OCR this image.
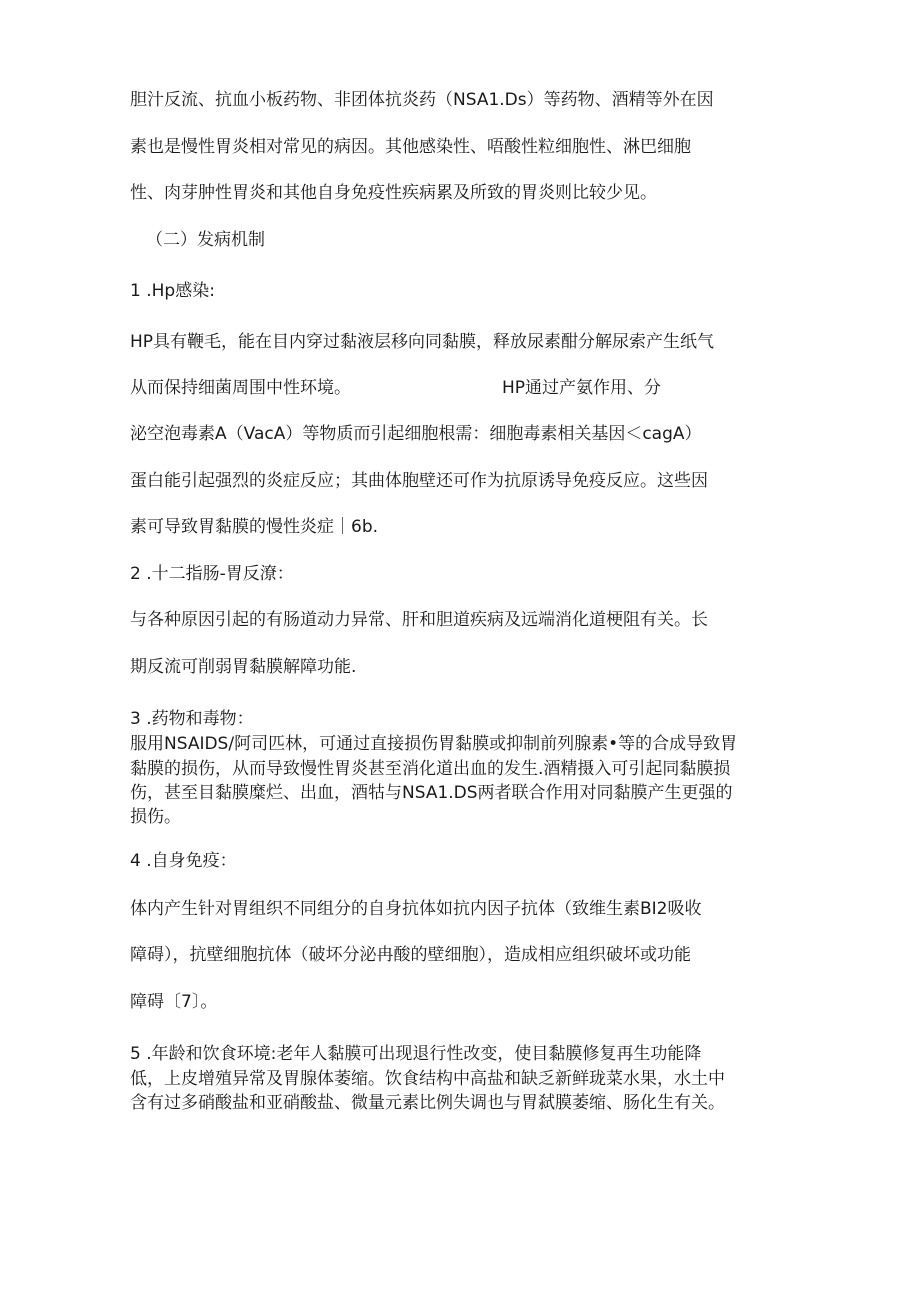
胆汁反流、抗血小板药物、非团体抗炎药（NSA1.Ds）等药物、酒精等外在因
素也是慢性胃炎相对常见的病因。其他感染性、唔酸性粒细胞性、淋巴细胞
性、肉芽肿性胃炎和其他自身免疫性疾病累及所致的胃炎则比较少见。
（二）发病机制
1 .Hp感染:
HP具有鞭毛，能在目内穿过黏液层移向同黏膜，释放尿素酣分解尿索产生纸气
从而保持细菌周围中性环境。	HP通过产氨作用、分
泌空泡毒素A（VacA）等物质而引起细胞根需：细胞毒素相关基因＜cagA）
蛋白能引起强烈的炎症反应；其曲体胞壁还可作为抗原诱导免疫反应。这些因
素可导致胃黏膜的慢性炎症｜6b.
2 .十二指肠-胃反潦：
与各种原因引起的有肠道动力异常、肝和胆道疾病及远端消化道梗阻有关。长
期反流可削弱胃黏膜解障功能.
3 .药物和毒物：
服用NSAIDS/阿司匹林，可通过直接损伤胃黏膜或抑制前列腺素•等的合成导致胃
黏膜的损伤，从而导致慢性胃炎甚至消化道出血的发生.酒精摄入可引起同黏膜损
伤，甚至目黏膜糜烂、出血，酒牯与NSA1.DS两者联合作用对同黏膜产生更强的
损伤。
4 .自身免疫：
体内产生针对胃组织不同组分的自身抗体如抗内因子抗体（致维生素BI2吸收
障碍），抗壁细胞抗体（破坏分泌冉酸的壁细胞），造成相应组织破坏或功能
障碍〔7〕。
5 .年龄和饮食环境:老年人黏膜可出现退行性改变，使目黏膜修复再生功能降
低，上皮增殖异常及胃腺体萎缩。饮食结构中高盐和缺乏新鲜珑菜水果，水土中
含有过多硝酸盐和亚硝酸盐、微量元素比例失调也与胃弑膜萎缩、肠化生有关。
